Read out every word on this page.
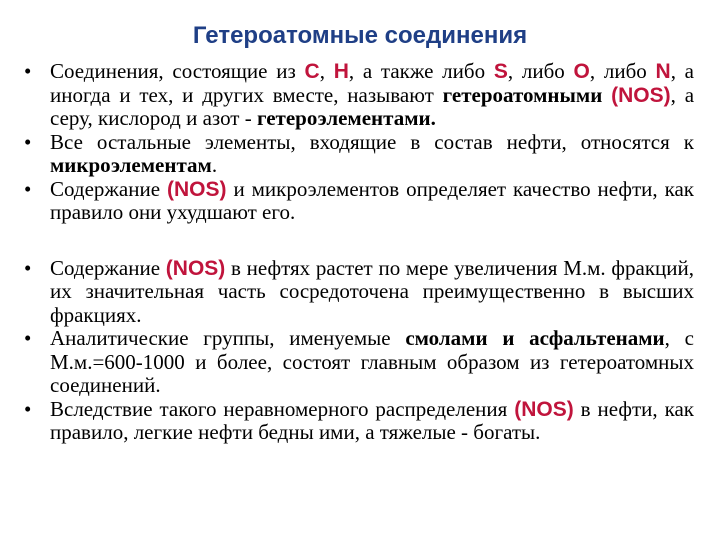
Гетероатомные соединения
• Соединения, состоящие из C, H, а также либо S, либо O, либо N, а иногда и тех, и других вместе, называют гетероатомными (NOS), а серу, кислород и азот - гетероэлементами.
• Все остальные элементы, входящие в состав нефти, относятся к микроэлементам.
• Содержание (NOS) и микроэлементов определяет качество нефти, как правило они ухудшают его.
• Содержание (NOS) в нефтях растет по мере увеличения М.м. фракций, их значительная часть сосредоточена преимущественно в высших фракциях.
• Аналитические группы, именуемые смолами и асфальтенами, с М.м.=600-1000 и более, состоят главным образом из гетероатомных соединений.
• Вследствие такого неравномерного распределения (NOS) в нефти, как правило, легкие нефти бедны ими, а тяжелые - богаты.
